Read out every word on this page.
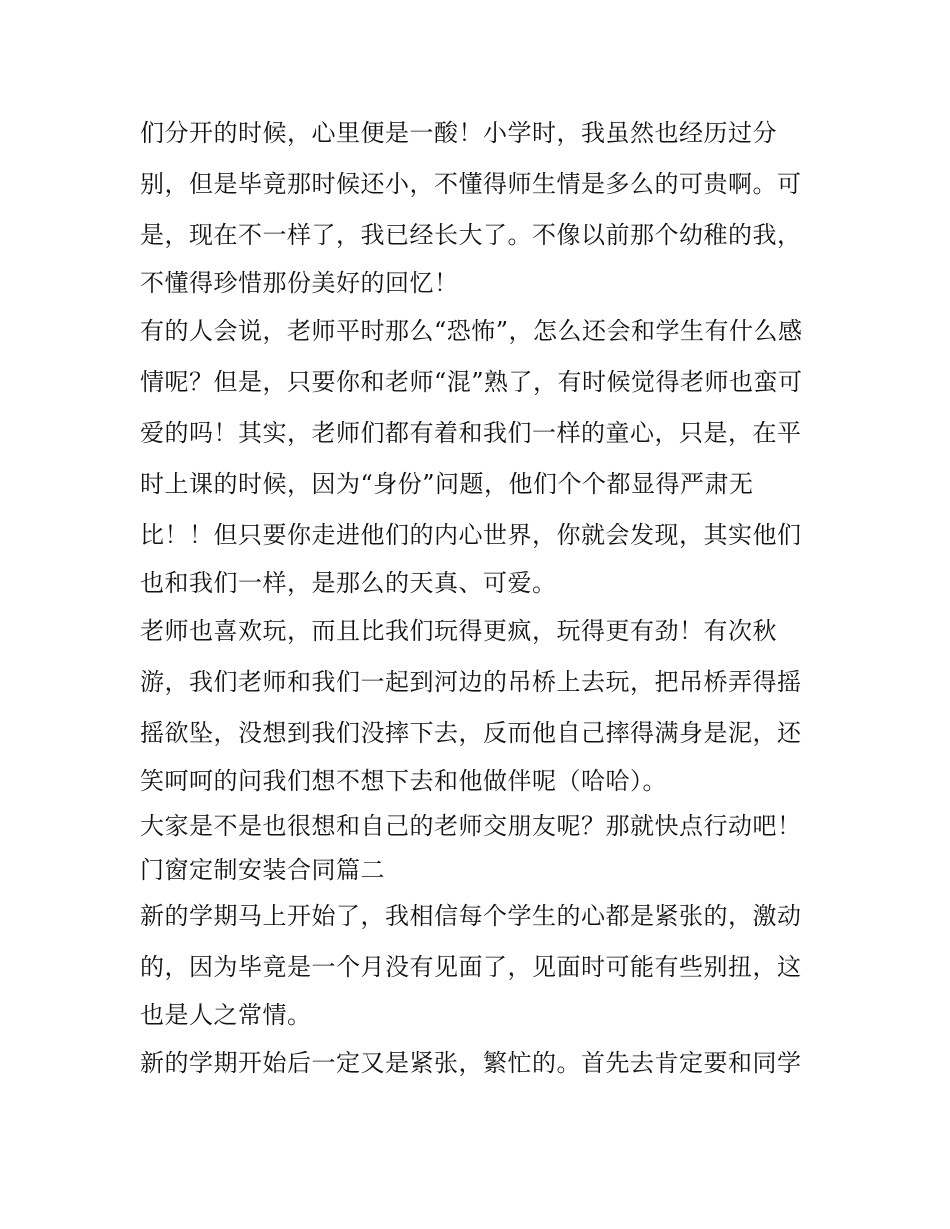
们分开的时候，心里便是一酸！小学时，我虽然也经历过分
别，但是毕竟那时候还小，不懂得师生情是多么的可贵啊。可
是，现在不一样了，我已经长大了。不像以前那个幼稚的我，
不懂得珍惜那份美好的回忆！
有的人会说，老师平时那么“恐怖”，怎么还会和学生有什么感
情呢？但是，只要你和老师“混”熟了，有时候觉得老师也蛮可
爱的吗！其实，老师们都有着和我们一样的童心，只是，在平
时上课的时候，因为“身份”问题，他们个个都显得严肃无
比！！但只要你走进他们的内心世界，你就会发现，其实他们
也和我们一样，是那么的天真、可爱。
老师也喜欢玩，而且比我们玩得更疯，玩得更有劲！有次秋
游，我们老师和我们一起到河边的吊桥上去玩，把吊桥弄得摇
摇欲坠，没想到我们没摔下去，反而他自己摔得满身是泥，还
笑呵呵的问我们想不想下去和他做伴呢（哈哈）。
大家是不是也很想和自己的老师交朋友呢？那就快点行动吧！
门窗定制安装合同篇二
新的学期马上开始了，我相信每个学生的心都是紧张的，激动
的，因为毕竟是一个月没有见面了，见面时可能有些别扭，这
也是人之常情。
新的学期开始后一定又是紧张，繁忙的。首先去肯定要和同学
